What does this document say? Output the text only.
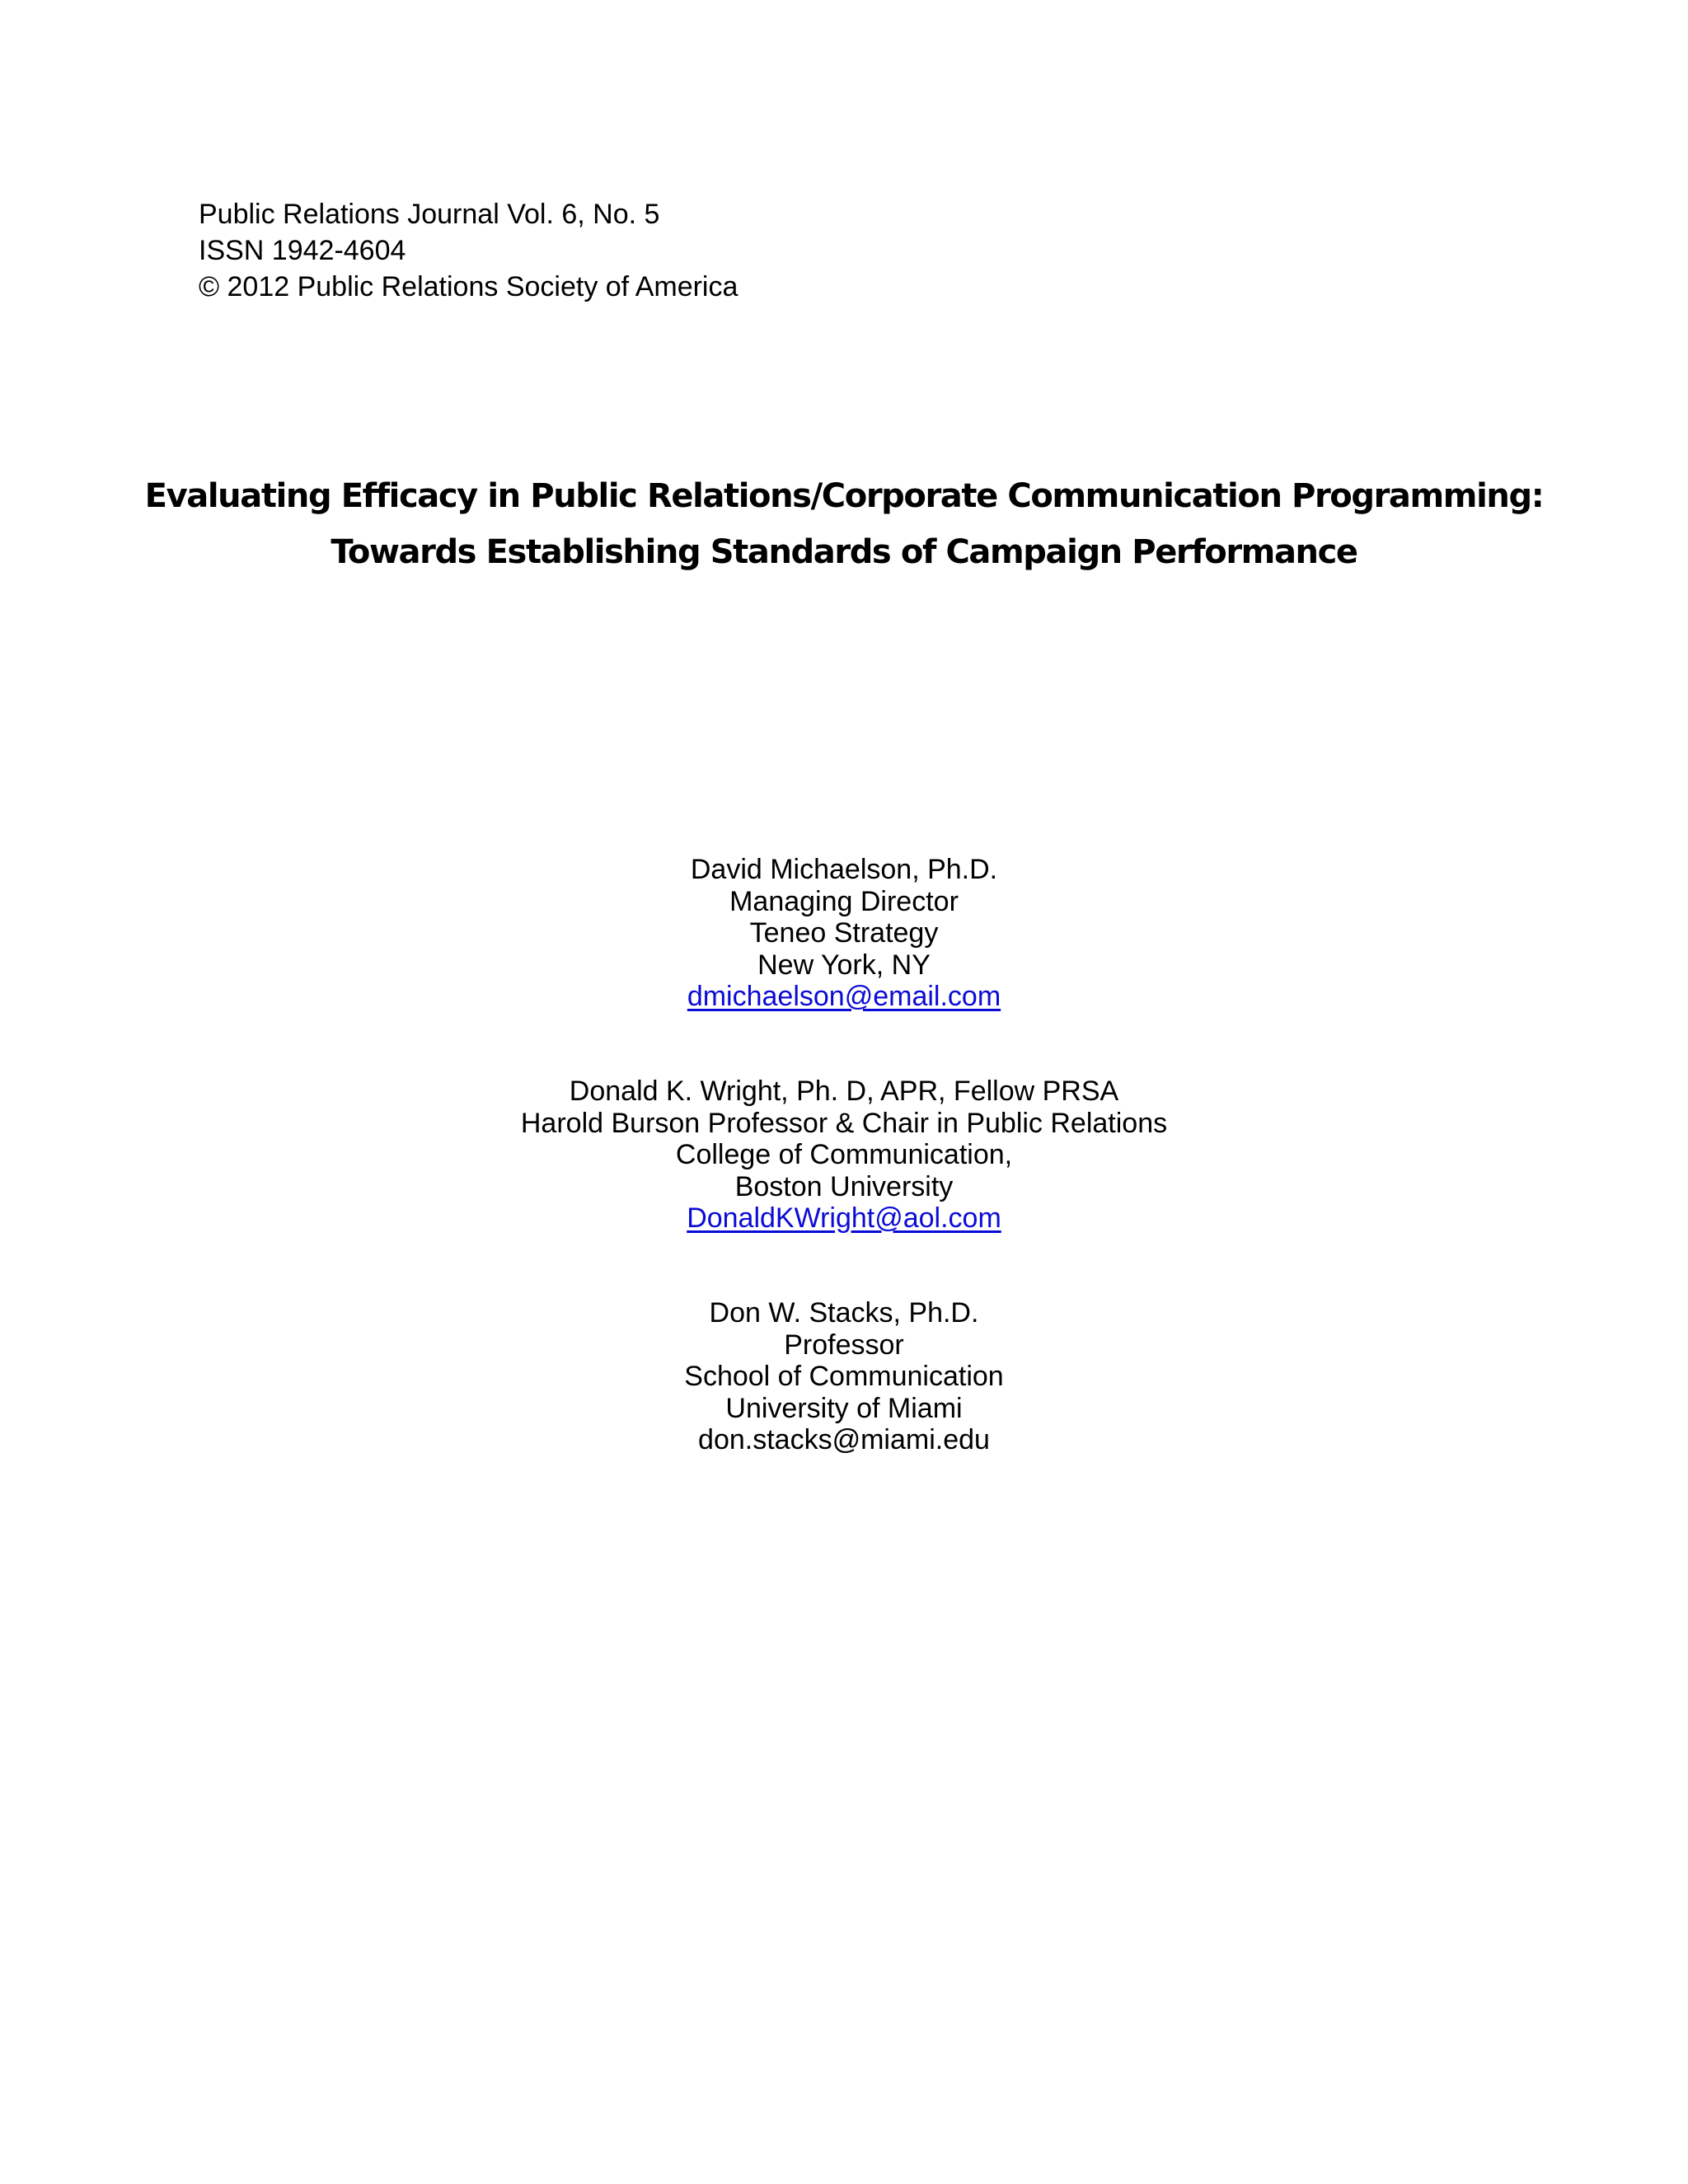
Public Relations Journal Vol. 6, No. 5
ISSN 1942-4604
© 2012 Public Relations Society of America
Evaluating Efficacy in Public Relations/Corporate Communication Programming:
Towards Establishing Standards of Campaign Performance
David Michaelson, Ph.D.
Managing Director
Teneo Strategy
New York, NY
dmichaelson@email.com
Donald K. Wright, Ph. D, APR, Fellow PRSA
Harold Burson Professor & Chair in Public Relations
College of Communication,
Boston University
DonaldKWright@aol.com
Don W. Stacks, Ph.D.
Professor
School of Communication
University of Miami
don.stacks@miami.edu
